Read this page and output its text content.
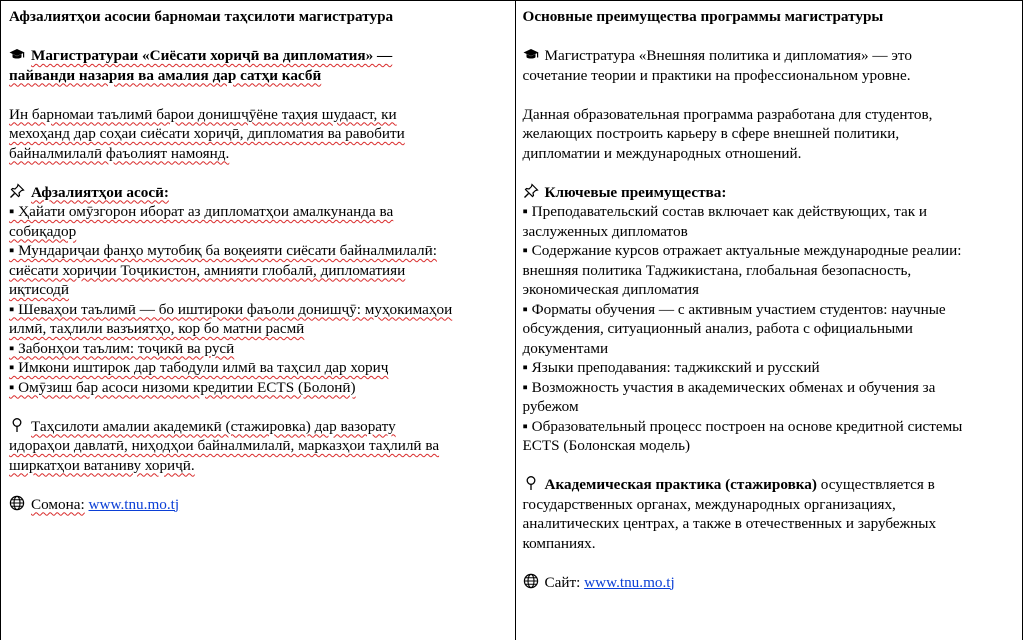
Афзалиятҳои асосии барномаи таҳсилоти магистратура

Магистратураи «Сиёсати хориҷӣ ва дипломатия» —

пайванди назария ва амалия дар сатҳи касбӣ

Ин барномаи таълимӣ барои донишҷӯёне таҳия шудааст, ки

мехоҳанд дар соҳаи сиёсати хориҷӣ, дипломатия ва равобити

байналмилалӣ фаъолият намоянд.

Афзалиятҳои асосӣ:

▪ Ҳайати омӯзгорон иборат аз дипломатҳои амалкунанда ва

собиқадор

▪ Мундариҷаи фанҳо мутобиқ ба воқеияти сиёсати байналмилалӣ:

сиёсати хориҷии Тоҷикистон, амнияти глобалӣ, дипломатияи

иқтисодӣ

▪ Шеваҳои таълимӣ — бо иштироки фаъоли донишҷӯ: муҳокимаҳои

илмӣ, таҳлили вазъиятҳо, кор бо матни расмӣ

▪ Забонҳои таълим: тоҷикӣ ва русӣ

▪ Имкони иштирок дар табодули илмӣ ва таҳсил дар хориҷ

▪ Омӯзиш бар асоси низоми кредитии ECTS (Болонӣ)

Таҳсилоти амалии академикӣ (стажировка) дар вазорату

идораҳои давлатӣ, ниҳодҳои байналмилалӣ, марказҳои таҳлилӣ ва

ширкатҳои ватаниву хориҷӣ.

Сомона: www.tnu.mo.tj

Основные преимущества программы магистратуры

Магистратура «Внешняя политика и дипломатия» — это

сочетание теории и практики на профессиональном уровне.

Данная образовательная программа разработана для студентов,

желающих построить карьеру в сфере внешней политики,

дипломатии и международных отношений.

Ключевые преимущества:

▪ Преподавательский состав включает как действующих, так и

заслуженных дипломатов

▪ Содержание курсов отражает актуальные международные реалии:

внешняя политика Таджикистана, глобальная безопасность,

экономическая дипломатия

▪ Форматы обучения — с активным участием студентов: научные

обсуждения, ситуационный анализ, работа с официальными

документами

▪ Языки преподавания: таджикский и русский

▪ Возможность участия в академических обменах и обучения за

рубежом

▪ Образовательный процесс построен на основе кредитной системы

ECTS (Болонская модель)

Академическая практика (стажировка) осуществляется в

государственных органах, международных организациях,

аналитических центрах, а также в отечественных и зарубежных

компаниях.

Сайт: www.tnu.mo.tj
